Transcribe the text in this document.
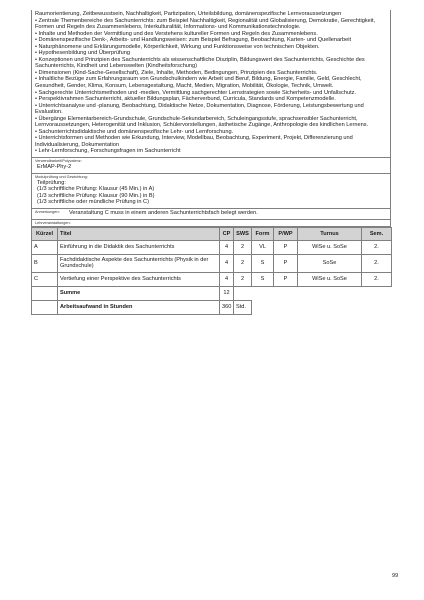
Raumorientierung, Zeitbewusstsein, Nachhaltigkeit, Partizipation, Urteilsbildung, domänenspezifische Lernvoraussetzungen
• Zentrale Themenbereiche des Sachunterrichts: zum Beispiel Nachhaltigkeit, Regionalität und Globalisierung, Demokratie, Gerechtigkeit, Formen und Regeln des Zusammenlebens, Interkulturalität, Informations- und Kommunikationstechnologie.
• Inhalte und Methoden der Vermittlung und des Verstehens kultureller Formen und Regeln des Zusammenlebens.
• Domänenspezifische Denk-, Arbeits- und Handlungsweisen: zum Beispiel Befragung, Beobachtung, Karten- und Quellenarbeit
• Naturphänomene und Erklärungsmodelle, Körperlichkeit, Wirkung und Funktionsweise von technischen Objekten.
• Hypothesenbildung und Überprüfung
• Konzeptionen und Prinzipien des Sachunterrichts als wissenschaftliche Disziplin, Bildungswert des Sachunterrichts, Geschichte des Sachunterrichts, Kindheit und Lebenswelten (Kindheitsforschung)
• Dimensionen (Kind-Sache-Gesellschaft), Ziele, Inhalte, Methoden, Bedingungen, Prinzipien des Sachunterrichts.
• Inhaltliche Bezüge zum Erfahrungsraum von Grundschulkindern wie Arbeit und Beruf, Bildung, Energie, Familie, Geld, Geschlecht, Gesundheit, Gender, Klima, Konsum, Lebensgestaltung, Macht, Medien, Migration, Mobilität, Ökologie, Technik, Umwelt.
• Sachgerechte Unterrichtsmethoden und -medien, Vermittlung sachgerechter Lernstrategien sowie Sicherheits- und Unfallschutz.
• Perspektivrahmen Sachunterricht, aktueller Bildungsplan, Fächerverbund, Curricula, Standards und Kompetenzmodelle.
• Unterrichtsanalyse und -planung, Beobachtung, Didaktische Netze, Dokumentation, Diagnose, Förderung, Leistungsbewertung und Evaluation.
• Übergänge Elementarbereich-Grundschule, Grundschule-Sekundarbereich, Schuleingangsstufe, sprachsensibler Sachunterricht, Lernvoraussetzungen, Heterogenität und Inklusion, Schülervorstellungen, ästhetische Zugänge, Anthropologie des kindlichen Lernens.
• Sachunterrichtsdidaktische und domänenspezifische Lehr- und Lernforschung.
• Unterrichtsformen und Methoden wie Erkundung, Interview, Modellbau, Beobachtung, Experiment, Projekt, Differenzierung und Individualisierung, Dokumentation
• Lehr-Lernforschung, Forschungsfragen im Sachunterricht
Verwendbarkeit/Polyvalenz:
ErMAP-Phy-2
Modulprüfung und Gewichtung:
Teilprüfung:
(1/3 schriftliche Prüfung: Klausur (45 Min.) in A)
(1/3 schriftliche Prüfung: Klausur (90 Min.) in B)
(1/3 schriftliche oder mündliche Prüfung in C)
Anmerkungen:	Veranstaltung C muss in einem anderen Sachunterrichtsfach belegt werden.
Lehrveranstaltungen:
Kürzel	Titel	CP	SWS	Form	P/WP	Turnus	Sem.
A	Einführung in die Didaktik des Sachunterrichts	4	2	VL	P	WiSe u. SoSe	2.
B	Fachdidaktische Aspekte des Sachunterrichts (Physik in der Grundschule)	4	2	S	P	SoSe	2.
C	Vertiefung einer Perspektive des Sachunterrichts	4	2	S	P	WiSe u. SoSe	2.
	Summe	12					
	Arbeitsaufwand in Stunden	360	Std.				
99
